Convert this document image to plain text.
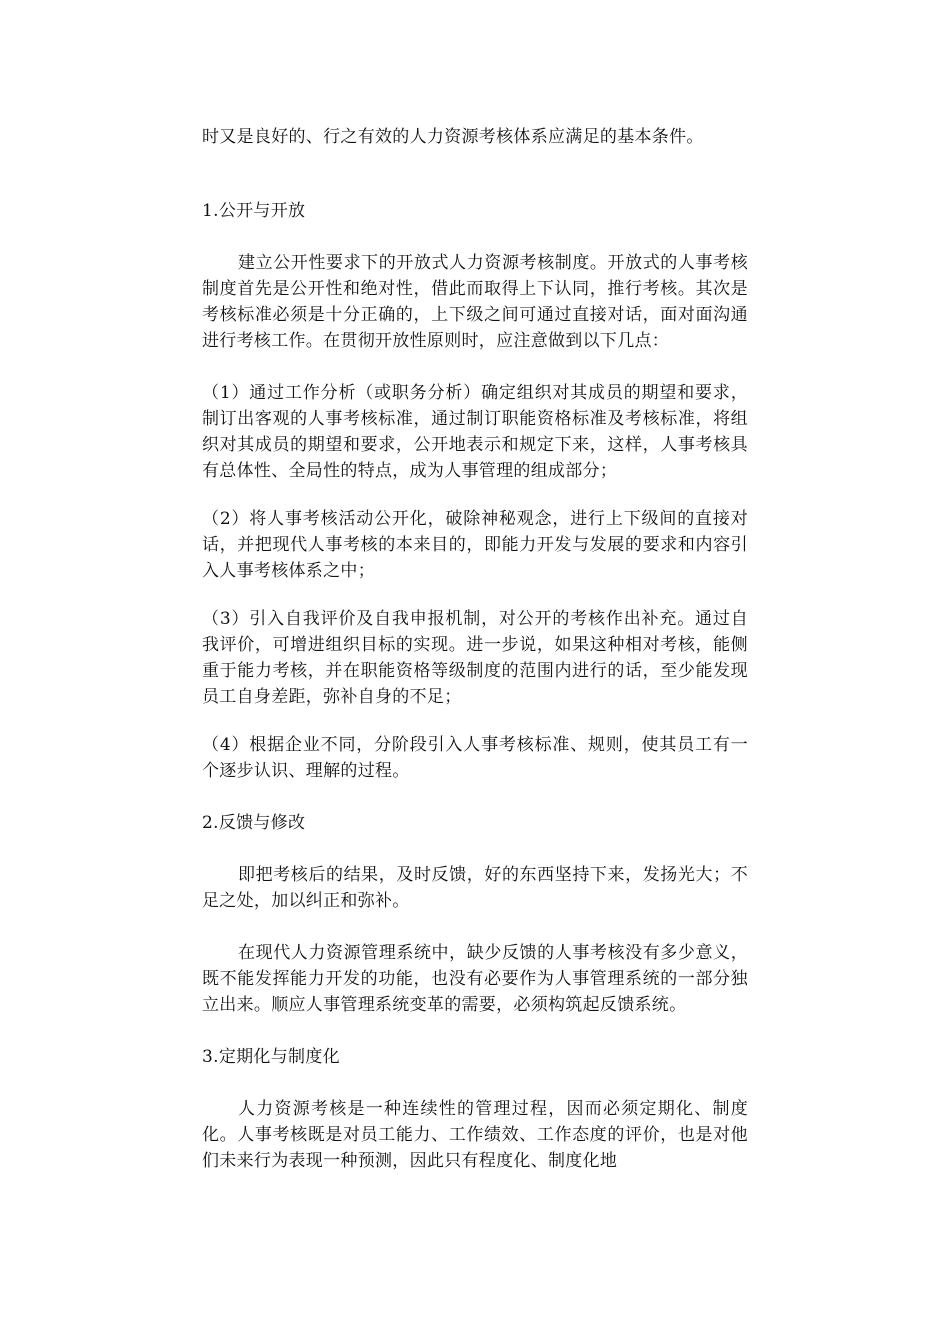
时又是良好的、行之有效的人力资源考核体系应满足的基本条件。

1.公开与开放

建立公开性要求下的开放式人力资源考核制度。开放式的人事考核制度首先是公开性和绝对性，借此而取得上下认同，推行考核。其次是考核标准必须是十分正确的，上下级之间可通过直接对话，面对面沟通进行考核工作。在贯彻开放性原则时，应注意做到以下几点：

（1）通过工作分析（或职务分析）确定组织对其成员的期望和要求，制订出客观的人事考核标准，通过制订职能资格标准及考核标准，将组织对其成员的期望和要求，公开地表示和规定下来，这样，人事考核具有总体性、全局性的特点，成为人事管理的组成部分；

（2）将人事考核活动公开化，破除神秘观念，进行上下级间的直接对话，并把现代人事考核的本来目的，即能力开发与发展的要求和内容引入人事考核体系之中；

（3）引入自我评价及自我申报机制，对公开的考核作出补充。通过自我评价，可增进组织目标的实现。进一步说，如果这种相对考核，能侧重于能力考核，并在职能资格等级制度的范围内进行的话，至少能发现员工自身差距，弥补自身的不足；

（4）根据企业不同，分阶段引入人事考核标准、规则，使其员工有一个逐步认识、理解的过程。

2.反馈与修改

即把考核后的结果，及时反馈，好的东西坚持下来，发扬光大；不足之处，加以纠正和弥补。

在现代人力资源管理系统中，缺少反馈的人事考核没有多少意义，既不能发挥能力开发的功能，也没有必要作为人事管理系统的一部分独立出来。顺应人事管理系统变革的需要，必须构筑起反馈系统。

3.定期化与制度化

人力资源考核是一种连续性的管理过程，因而必须定期化、制度化。人事考核既是对员工能力、工作绩效、工作态度的评价，也是对他们未来行为表现一种预测，因此只有程度化、制度化地
